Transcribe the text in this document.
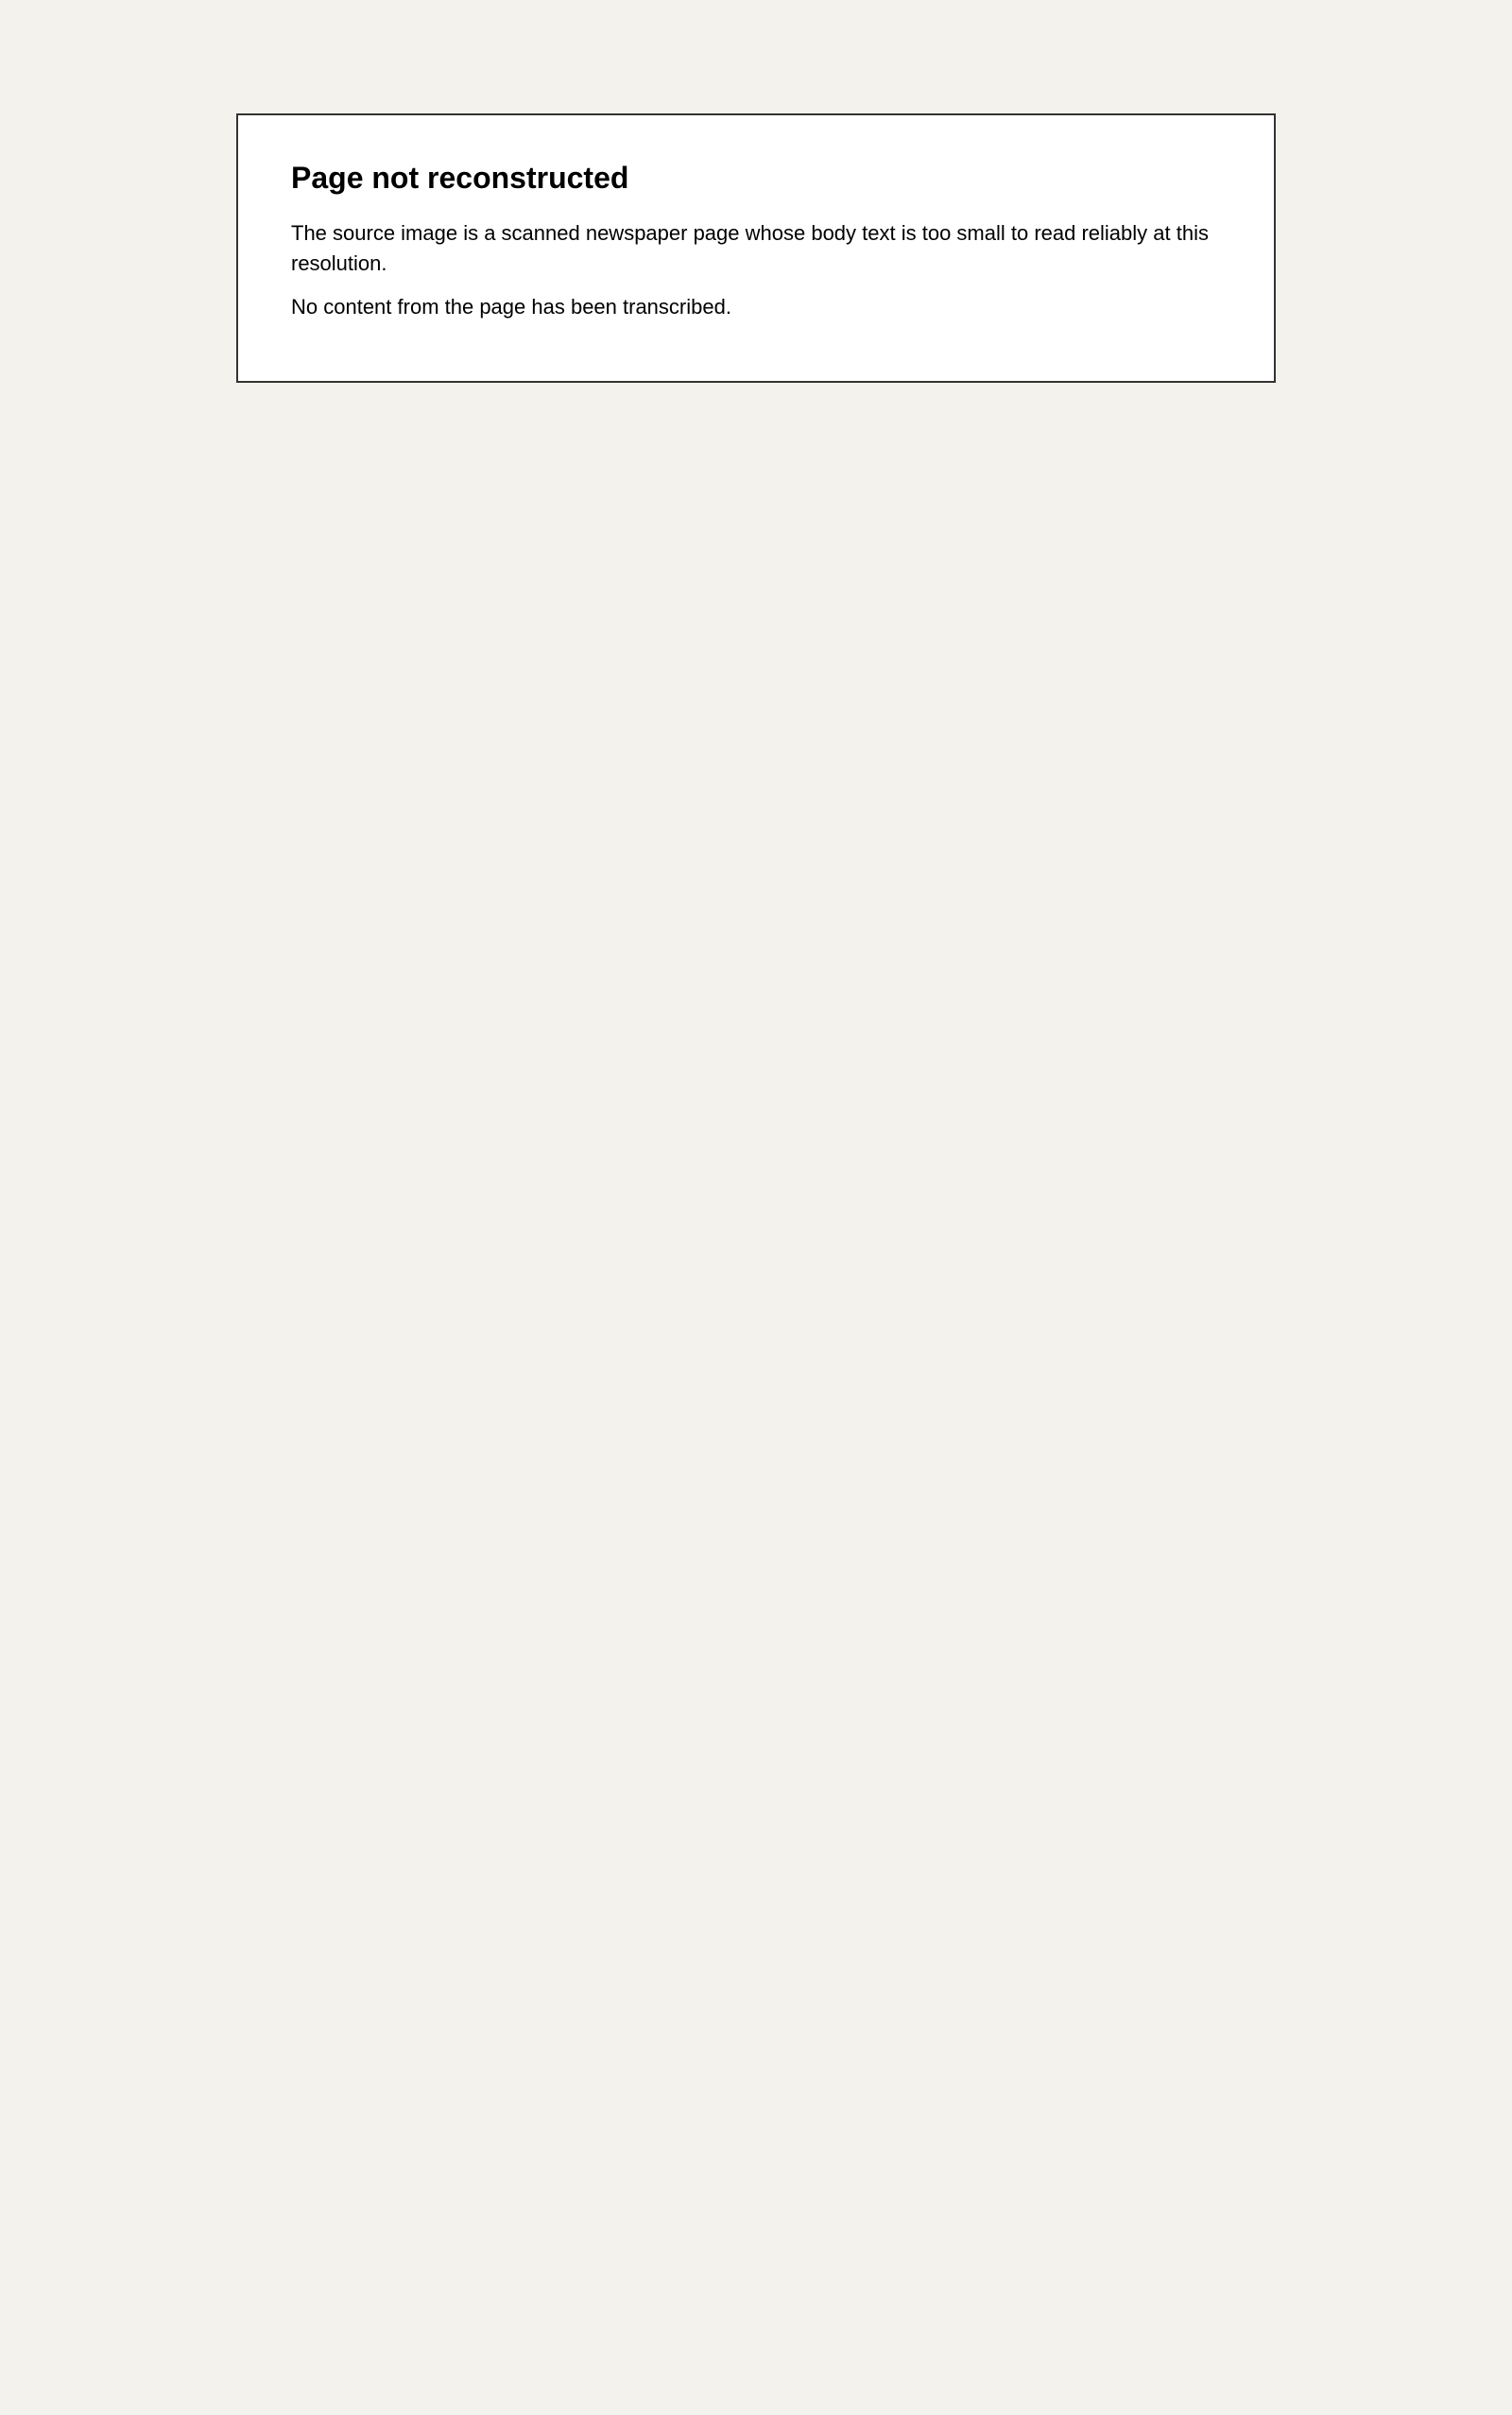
Page not reconstructed
The source image is a scanned newspaper page whose body text is too small to read reliably at this resolution.
No content from the page has been transcribed.
